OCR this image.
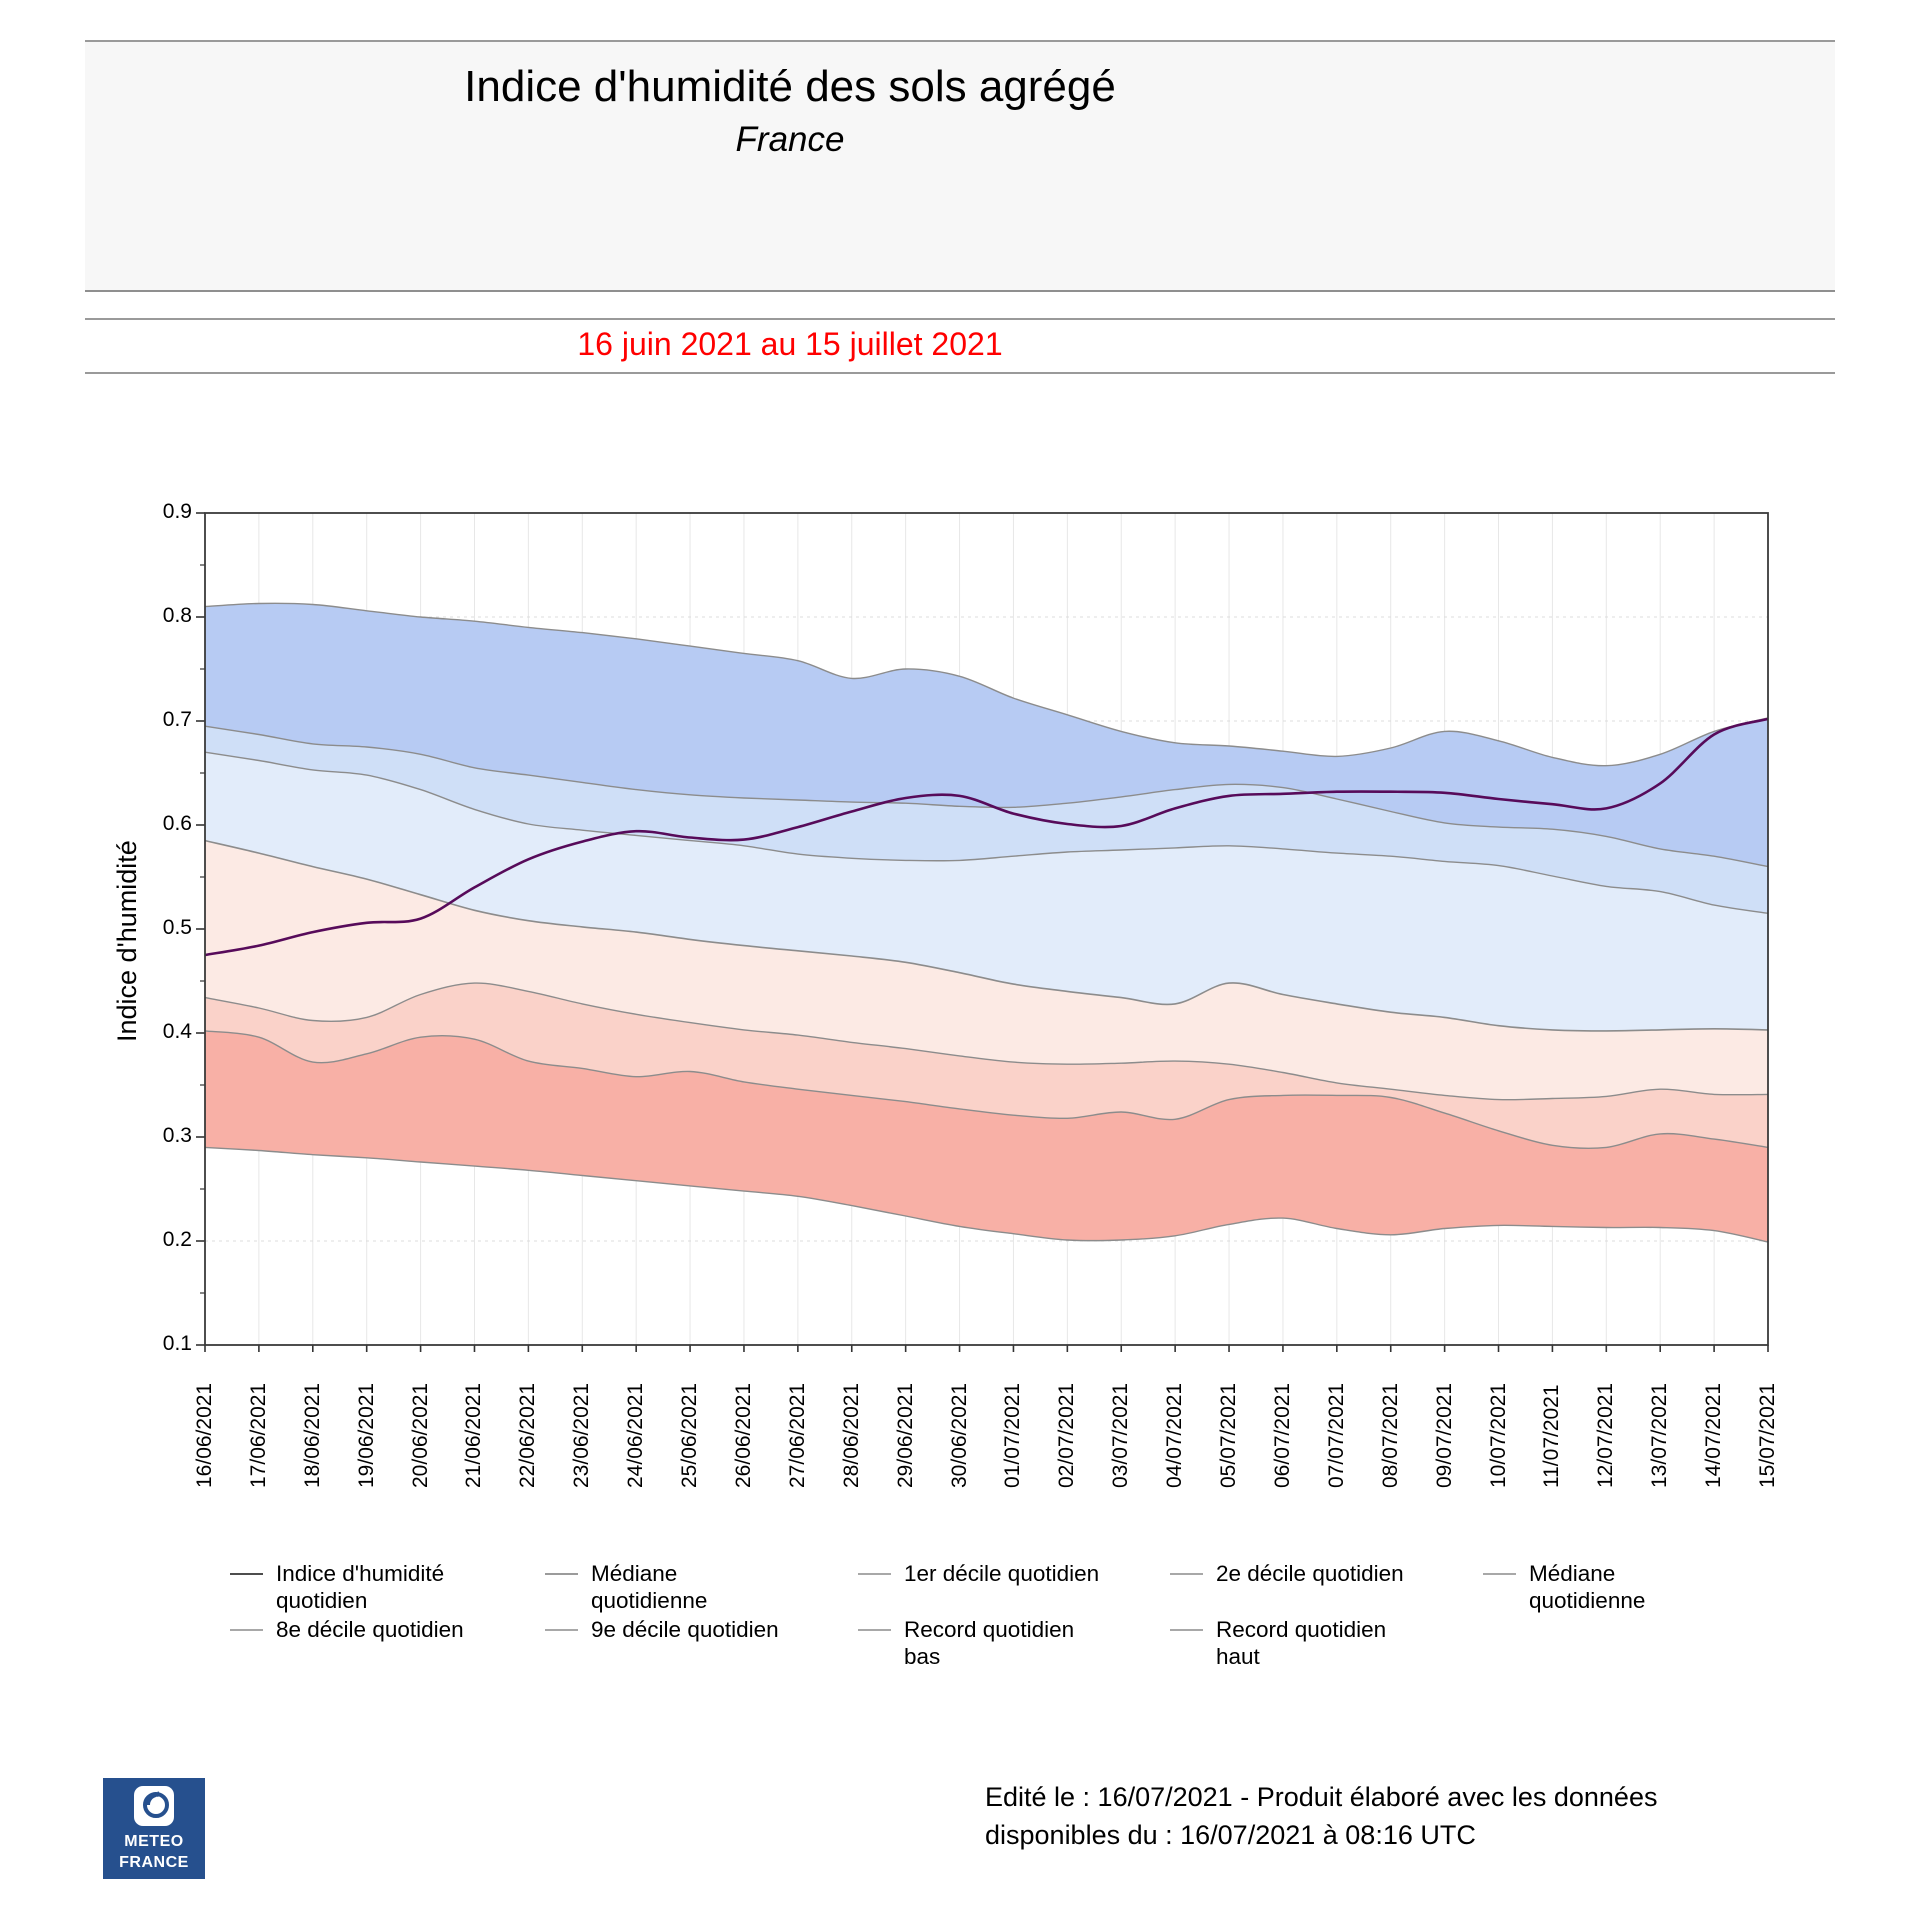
Indice d'humidité des sols agrégé
France
16 juin 2021 au 15 juillet 2021
Indice d'humidité
0.1
0.2
0.3
0.4
0.5
0.6
0.7
0.8
0.9
16/06/2021 17/06/2021 18/06/2021 19/06/2021 20/06/2021 21/06/2021 22/06/2021 23/06/2021 24/06/2021 25/06/2021 26/06/2021 27/06/2021 28/06/2021 29/06/2021 30/06/2021 01/07/2021 02/07/2021 03/07/2021 04/07/2021 05/07/2021 06/07/2021 07/07/2021 08/07/2021 09/07/2021 10/07/2021 11/07/2021 12/07/2021 13/07/2021 14/07/2021 15/07/2021
Indice d'humidité
quotidien
Médiane
quotidienne
1er décile quotidien	2e décile quotidien	Médiane
quotidienne
8e décile quotidien	9e décile quotidien	Record quotidien
bas
Record quotidien
haut
METEO
FRANCE
Edité le : 16/07/2021 - Produit élaboré avec les données
disponibles du : 16/07/2021 à 08:16 UTC
